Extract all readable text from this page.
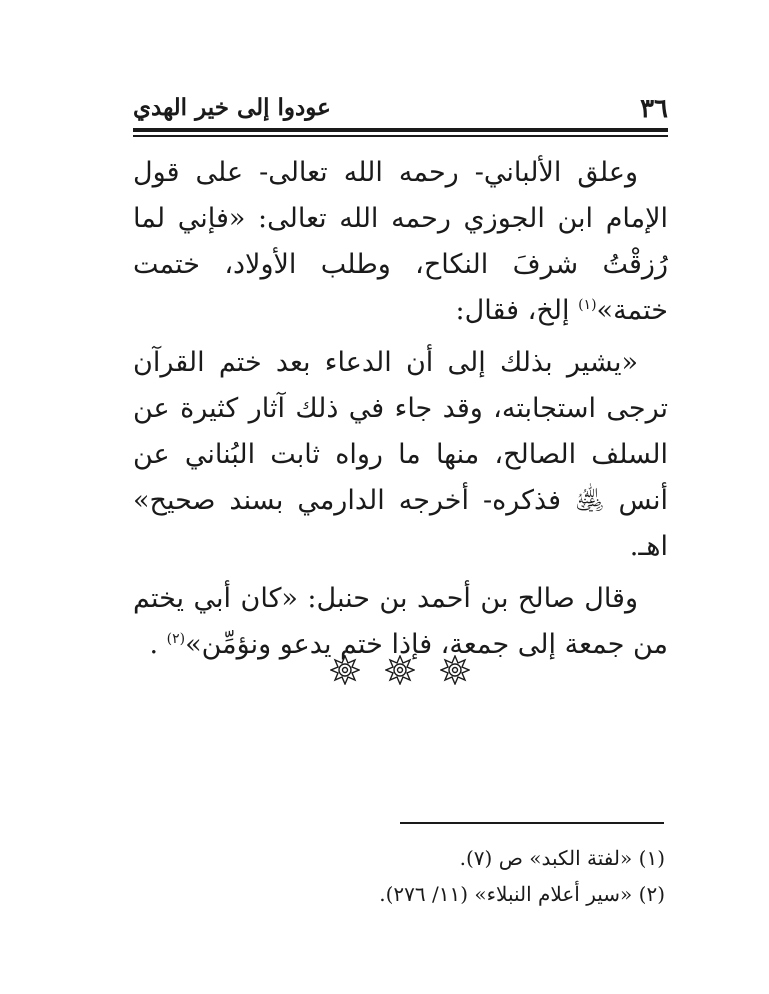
٣٦
عودوا إلى خير الهدي

وعلق الألباني- رحمه الله تعالى- على قول الإمام ابن الجوزي رحمه الله تعالى: «فإني لما رُزقْتُ شرفَ النكاح، وطلب الأولاد، ختمت ختمة»$^{(١)}$ إلخ، فقال:

«يشير بذلك إلى أن الدعاء بعد ختم القرآن ترجى استجابته، وقد جاء في ذلك آثار كثيرة عن السلف الصالح، منها ما رواه ثابت البُناني عن أنس ﵁ فذكره- أخرجه الدارمي بسند صحيح» اهـ.

وقال صالح بن أحمد بن حنبل: «كان أبي يختم من جمعة إلى جمعة، فإذا ختم يدعو ونؤمِّن»$^{(٢)}$ .

(١) «لفتة الكبد» ص (٧).
(٢) «سير أعلام النبلاء» (١١/ ٢٧٦).
